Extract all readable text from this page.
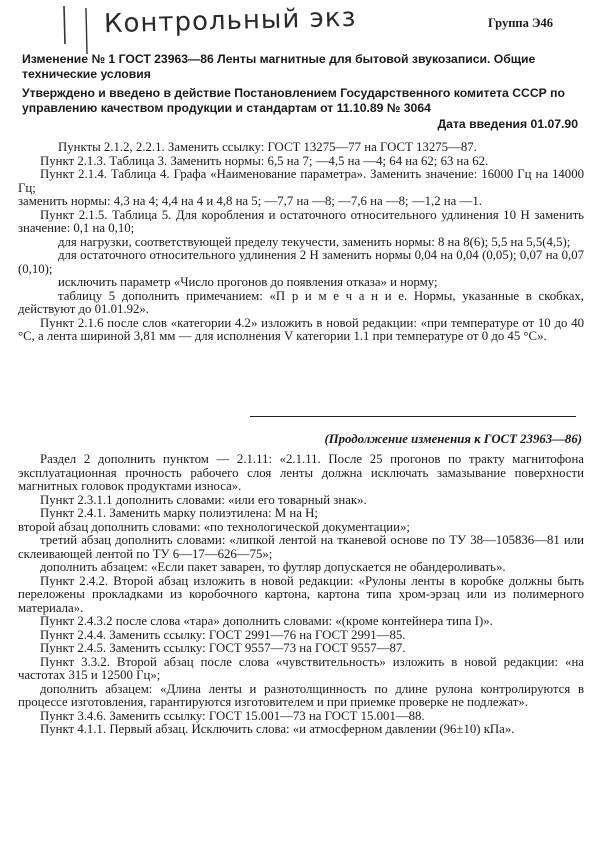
Контрольный экз	Группа Э46
Изменение № 1 ГОСТ 23963—86 Ленты магнитные для бытовой звукозаписи. Общие технические условия
Утверждено и введено в действие Постановлением Государственного комитета СССР по управлению качеством продукции и стандартам от 11.10.89 № 3064
Дата введения 01.07.90

Пункты 2.1.2, 2.2.1. Заменить ссылку: ГОСТ 13275—77 на ГОСТ 13275—87.

Пункт 2.1.3. Таблица 3. Заменить нормы: 6,5 на 7; —4,5 на —4; 64 на 62; 63 на 62.

Пункт 2.1.4. Таблица 4. Графа «Наименование параметра». Заменить значение: 16000 Гц на 14000 Гц;

заменить нормы: 4,3 на 4; 4,4 на 4 и 4,8 на 5; —7,7 на —8; —7,6 на —8; —1,2 на —1.

Пункт 2.1.5. Таблица 5. Для коробления и остаточного относительного удлинения 10 Н заменить значение: 0,1 на 0,10;

для нагрузки, соответствующей пределу текучести, заменить нормы: 8 на 8(6); 5,5 на 5,5(4,5);

для остаточного относительного удлинения 2 Н заменить нормы 0,04 на 0,04 (0,05); 0,07 на 0,07 (0,10);

исключить параметр «Число прогонов до появления отказа» и норму;

таблицу 5 дополнить примечанием: «П р и м е ч а н и е. Нормы, указанные в скобках, действуют до 01.01.92».

Пункт 2.1.6 после слов «категории 4.2» изложить в новой редакции: «при температуре от 10 до 40 °С, а лента шириной 3,81 мм — для исполнения V категории 1.1 при температуре от 0 до 45 °С».

(Продолжение изменения к ГОСТ 23963—86)

Раздел 2 дополнить пунктом — 2.1.11: «2.1.11. После 25 прогонов по тракту магнитофона эксплуатационная прочность рабочего слоя ленты должна исключать замазывание поверхности магнитных головок продуктами износа».

Пункт 2.3.1.1 дополнить словами: «или его товарный знак».

Пункт 2.4.1. Заменить марку полиэтилена: М на Н;

второй абзац дополнить словами: «по технологической документации»;

третий абзац дополнить словами: «липкой лентой на тканевой основе по ТУ 38—105836—81 или склеивающей лентой по ТУ 6—17—626—75»;

дополнить абзацем: «Если пакет заварен, то футляр допускается не обандероливать».

Пункт 2.4.2. Второй абзац изложить в новой редакции: «Рулоны ленты в коробке должны быть переложены прокладками из коробочного картона, картона типа хром-эрзац или из полимерного материала».

Пункт 2.4.3.2 после слова «тара» дополнить словами: «(кроме контейнера типа I)».

Пункт 2.4.4. Заменить ссылку: ГОСТ 2991—76 на ГОСТ 2991—85.

Пункт 2.4.5. Заменить ссылку: ГОСТ 9557—73 на ГОСТ 9557—87.

Пункт 3.3.2. Второй абзац после слова «чувствительность» изложить в новой редакции: «на частотах 315 и 12500 Гц»;

дополнить абзацем: «Длина ленты и разнотолщинность по длине рулона контролируются в процессе изготовления, гарантируются изготовителем и при приемке проверке не подлежат».

Пункт 3.4.6. Заменить ссылку: ГОСТ 15.001—73 на ГОСТ 15.001—88.

Пункт 4.1.1. Первый абзац. Исключить слова: «и атмосферном давлении (96±10) кПа».
